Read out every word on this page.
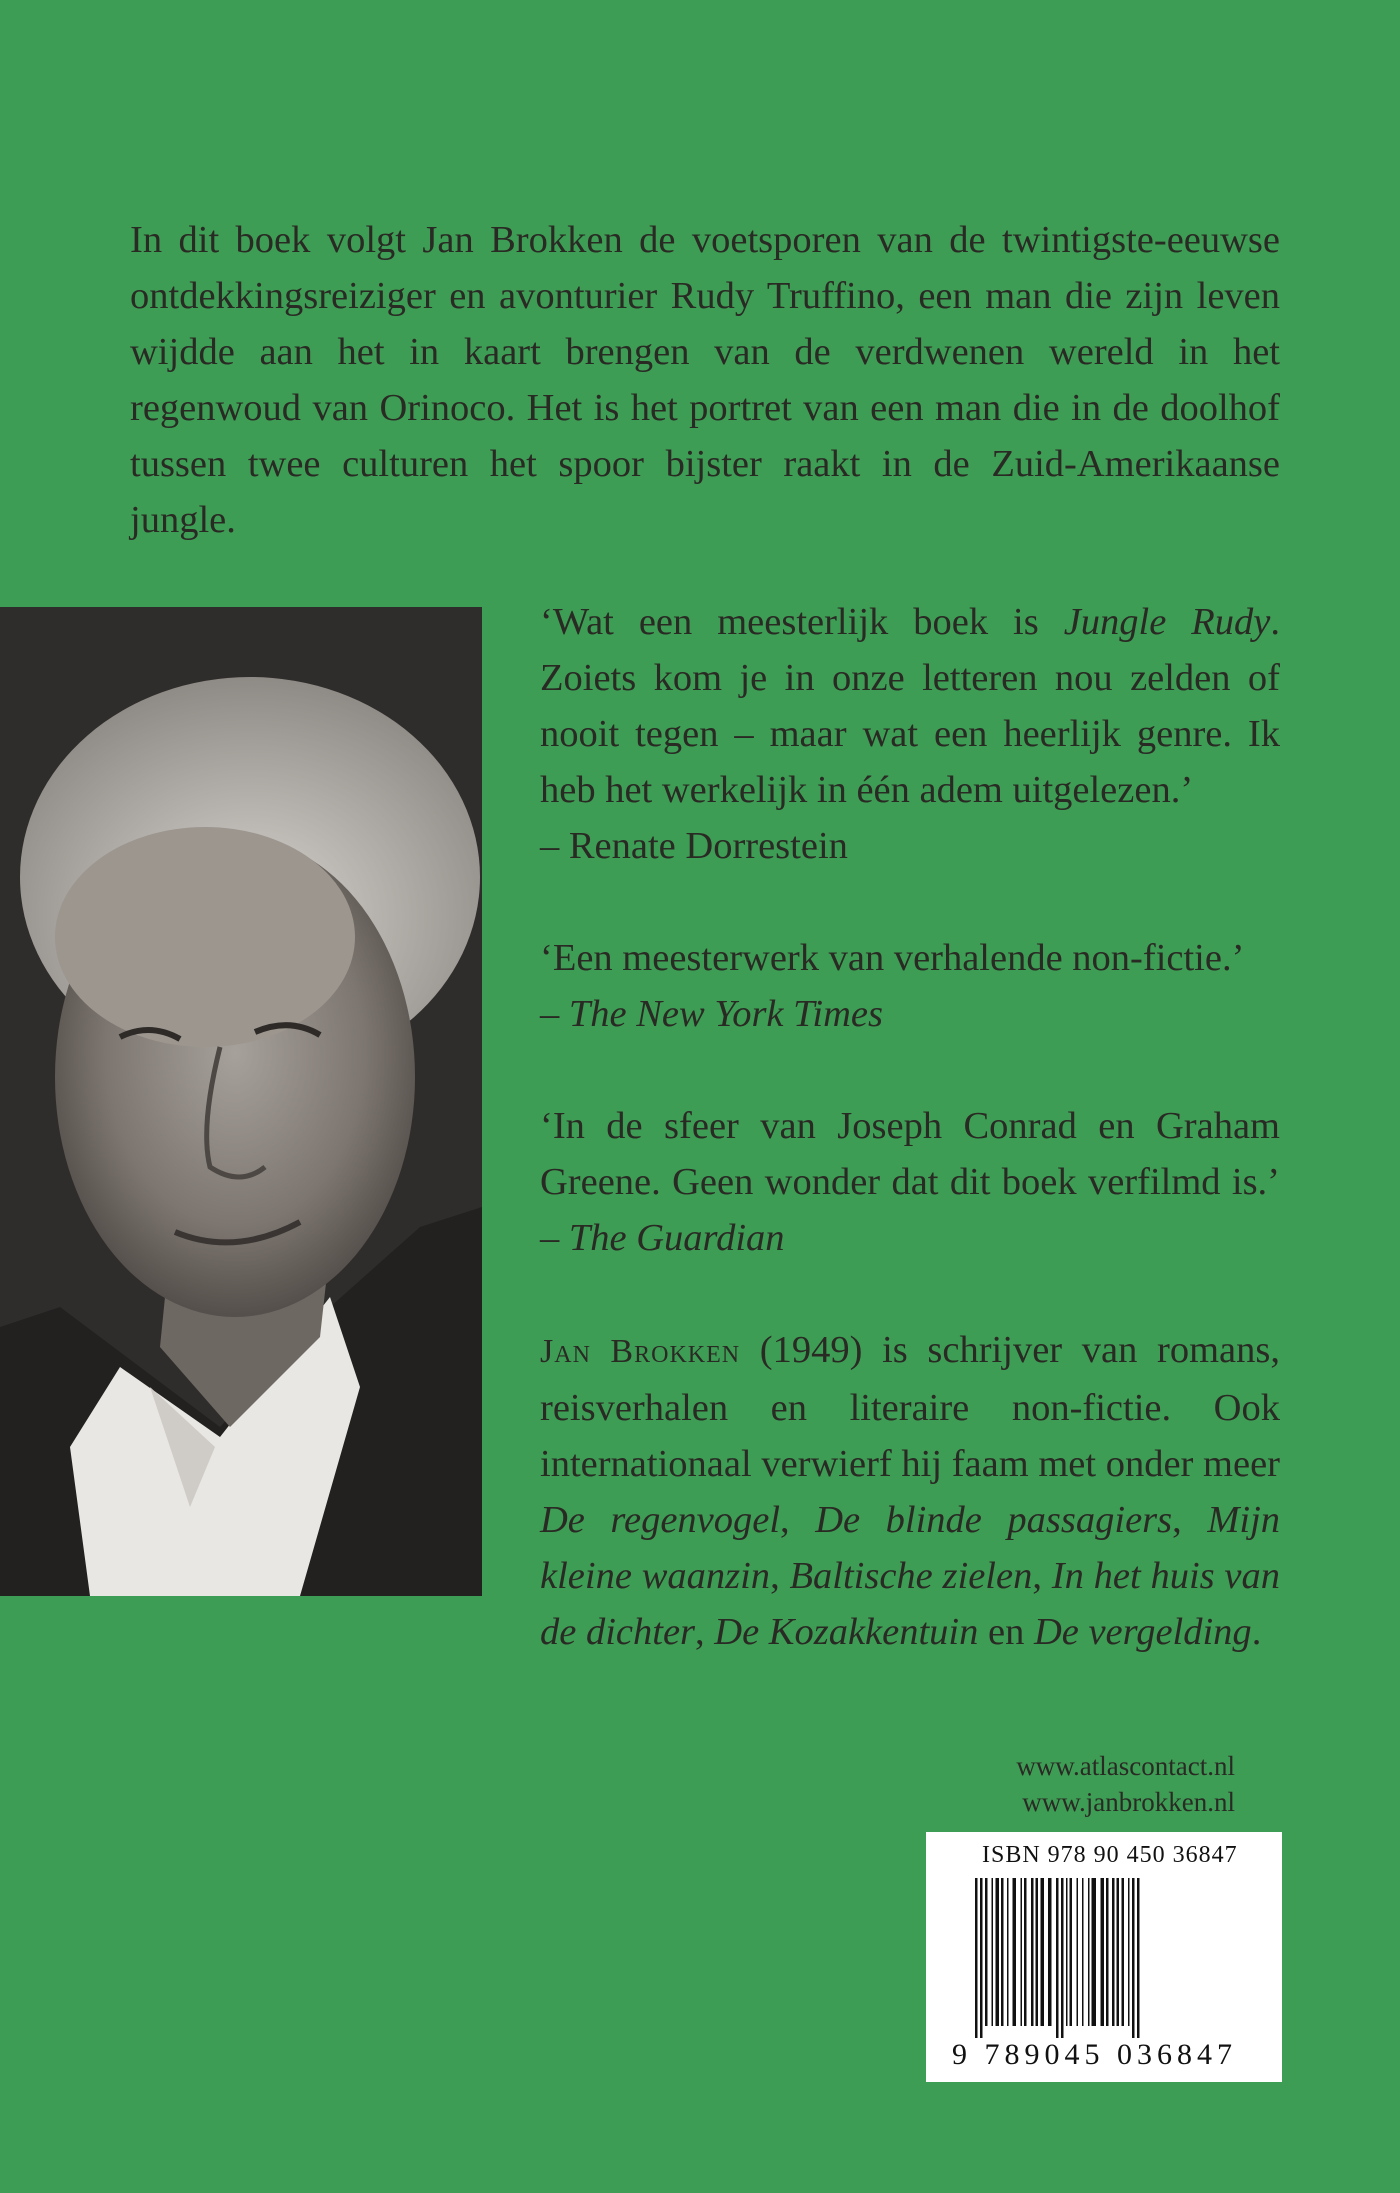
In dit boek volgt Jan Brokken de voetsporen van de twintigste-eeuwse ontdekkingsreiziger en avonturier Rudy Truffino, een man die zijn leven wijdde aan het in kaart brengen van de verdwenen wereld in het regenwoud van Orinoco. Het is het portret van een man die in de doolhof tussen twee culturen het spoor bijster raakt in de Zuid-Amerikaanse jungle.

‘Wat een meesterlijk boek is Jungle Rudy. Zoiets kom je in onze letteren nou zelden of nooit tegen – maar wat een heerlijk genre. Ik heb het werkelijk in één adem uitgelezen.’
– Renate Dorrestein

‘Een meesterwerk van verhalende non-fictie.’
– The New York Times

‘In de sfeer van Joseph Conrad en Graham Greene. Geen wonder dat dit boek verfilmd is.’ – The Guardian

Jan Brokken (1949) is schrijver van romans, reisverhalen en literaire non-fictie. Ook internationaal verwierf hij faam met onder meer De regenvogel, De blinde passagiers, Mijn kleine waanzin, Baltische zielen, In het huis van de dichter, De Kozakkentuin en De vergelding.

www.atlascontact.nl
www.janbrokken.nl
ISBN 978 90 450 36847
9 789045 036847
